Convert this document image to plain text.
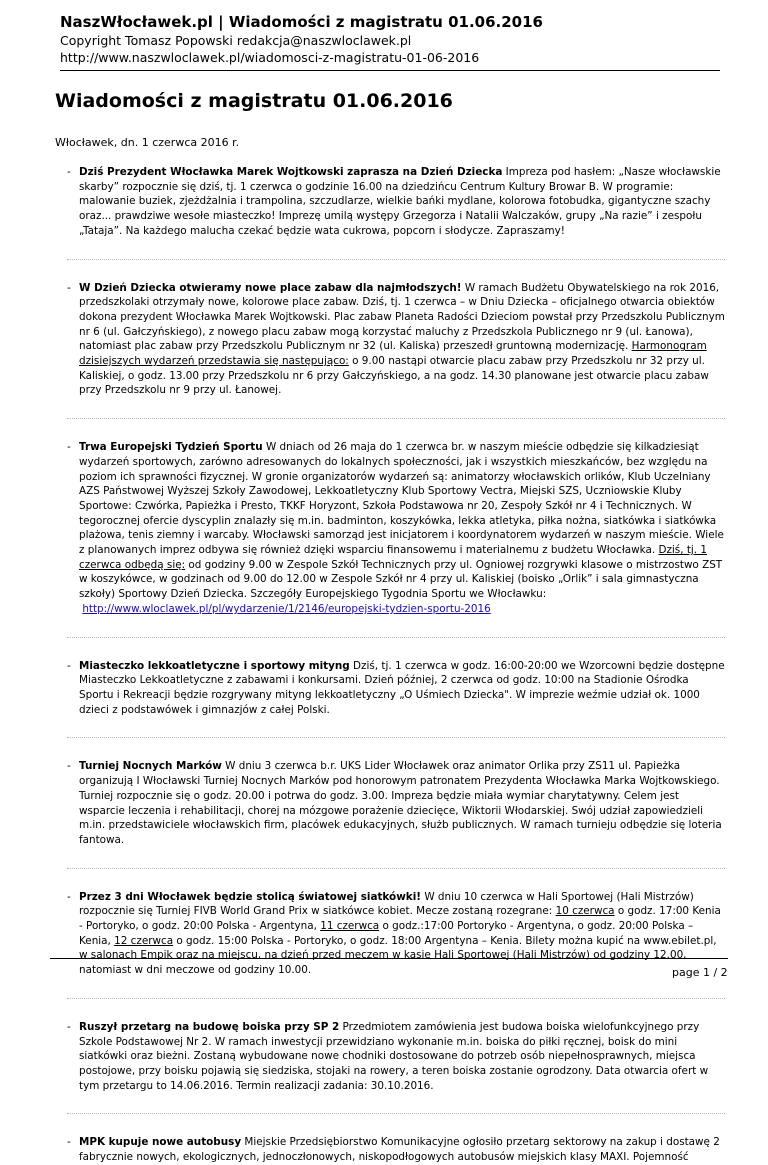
NaszWłocławek.pl | Wiadomości z magistratu 01.06.2016
Copyright Tomasz Popowski redakcja@naszwloclawek.pl
http://www.naszwloclawek.pl/wiadomosci-z-magistratu-01-06-2016
Wiadomości z magistratu 01.06.2016
Włocławek, dn. 1 czerwca 2016 r.
- Dziś Prezydent Włocławka Marek Wojtkowski zaprasza na Dzień Dziecka Impreza pod hasłem: „Nasze włocławskie skarby” rozpocznie się dziś, tj. 1 czerwca o godzinie 16.00 na dziedzińcu Centrum Kultury Browar B. W programie: malowanie buziek, zjeżdżalnia i trampolina, szczudlarze, wielkie bańki mydlane, kolorowa fotobudka, gigantyczne szachy oraz... prawdziwe wesołe miasteczko! Imprezę umilą występy Grzegorza i Natalii Walczaków, grupy „Na razie” i zespołu „Tataja”. Na każdego malucha czekać będzie wata cukrowa, popcorn i słodycze. Zapraszamy!

- W Dzień Dziecka otwieramy nowe place zabaw dla najmłodszych! W ramach Budżetu Obywatelskiego na rok 2016, przedszkolaki otrzymały nowe, kolorowe place zabaw. Dziś, tj. 1 czerwca – w Dniu Dziecka – oficjalnego otwarcia obiektów dokona prezydent Włocławka Marek Wojtkowski. Plac zabaw Planeta Radości Dzieciom powstał przy Przedszkolu Publicznym nr 6 (ul. Gałczyńskiego), z nowego placu zabaw mogą korzystać maluchy z Przedszkola Publicznego nr 9 (ul. Łanowa), natomiast plac zabaw przy Przedszkolu Publicznym nr 32 (ul. Kaliska) przeszedł gruntowną modernizację. Harmonogram dzisiejszych wydarzeń przedstawia się następująco: o 9.00 nastąpi otwarcie placu zabaw przy Przedszkolu nr 32 przy ul. Kaliskiej, o godz. 13.00 przy Przedszkolu nr 6 przy Gałczyńskiego, a na godz. 14.30 planowane jest otwarcie placu zabaw przy Przedszkolu nr 9 przy ul. Łanowej.

- Trwa Europejski Tydzień Sportu W dniach od 26 maja do 1 czerwca br. w naszym mieście odbędzie się kilkadziesiąt wydarzeń sportowych, zarówno adresowanych do lokalnych społeczności, jak i wszystkich mieszkańców, bez względu na poziom ich sprawności fizycznej. W gronie organizatorów wydarzeń są: animatorzy włocławskich orlików, Klub Uczelniany AZS Państwowej Wyższej Szkoły Zawodowej, Lekkoatletyczny Klub Sportowy Vectra, Miejski SZS, Uczniowskie Kluby Sportowe: Czwórka, Papieżka i Presto, TKKF Horyzont, Szkoła Podstawowa nr 20, Zespoły Szkół nr 4 i Technicznych. W tegorocznej ofercie dyscyplin znalazły się m.in. badminton, koszykówka, lekka atletyka, piłka nożna, siatkówka i siatkówka plażowa, tenis ziemny i warcaby. Włocławski samorząd jest inicjatorem i koordynatorem wydarzeń w naszym mieście. Wiele z planowanych imprez odbywa się również dzięki wsparciu finansowemu i materialnemu z budżetu Włocławka. Dziś, tj. 1 czerwca odbędą się: od godziny 9.00 w Zespole Szkół Technicznych przy ul. Ogniowej rozgrywki klasowe o mistrzostwo ZST w koszykówce, w godzinach od 9.00 do 12.00 w Zespole Szkół nr 4 przy ul. Kaliskiej (boisko „Orlik” i sala gimnastyczna szkoły) Sportowy Dzień Dziecka. Szczegóły Europejskiego Tygodnia Sportu we Włocławku:
http://www.wloclawek.pl/pl/wydarzenie/1/2146/europejski-tydzien-sportu-2016

- Miasteczko lekkoatletyczne i sportowy mityng Dziś, tj. 1 czerwca w godz. 16:00-20:00 we Wzorcowni będzie dostępne Miasteczko Lekkoatletyczne z zabawami i konkursami. Dzień później, 2 czerwca od godz. 10:00 na Stadionie Ośrodka Sportu i Rekreacji będzie rozgrywany mityng lekkoatletyczny „O Uśmiech Dziecka". W imprezie weźmie udział ok. 1000 dzieci z podstawówek i gimnazjów z całej Polski.

- Turniej Nocnych Marków W dniu 3 czerwca b.r. UKS Lider Włocławek oraz animator Orlika przy ZS11 ul. Papieżka organizują I Włocławski Turniej Nocnych Marków pod honorowym patronatem Prezydenta Włocławka Marka Wojtkowskiego. Turniej rozpocznie się o godz. 20.00 i potrwa do godz. 3.00. Impreza będzie miała wymiar charytatywny. Celem jest wsparcie leczenia i rehabilitacji, chorej na mózgowe porażenie dziecięce, Wiktorii Włodarskiej. Swój udział zapowiedzieli m.in. przedstawiciele włocławskich firm, placówek edukacyjnych, służb publicznych. W ramach turnieju odbędzie się loteria fantowa.

- Przez 3 dni Włocławek będzie stolicą światowej siatkówki! W dniu 10 czerwca w Hali Sportowej (Hali Mistrzów) rozpocznie się Turniej FIVB World Grand Prix w siatkówce kobiet. Mecze zostaną rozegrane: 10 czerwca o godz. 17:00 Kenia - Portoryko, o godz. 20:00 Polska - Argentyna, 11 czerwca o godz.:17:00 Portoryko - Argentyna, o godz. 20:00 Polska – Kenia, 12 czerwca o godz. 15:00 Polska - Portoryko, o godz. 18:00 Argentyna – Kenia. Bilety można kupić na www.ebilet.pl, w salonach Empik oraz na miejscu, na dzień przed meczem w kasie Hali Sportowej (Hali Mistrzów) od godziny 12.00, natomiast w dni meczowe od godziny 10.00.

- Ruszył przetarg na budowę boiska przy SP 2 Przedmiotem zamówienia jest budowa boiska wielofunkcyjnego przy Szkole Podstawowej Nr 2. W ramach inwestycji przewidziano wykonanie m.in. boiska do piłki ręcznej, boisk do mini siatkówki oraz bieżni. Zostaną wybudowane nowe chodniki dostosowane do potrzeb osób niepełnosprawnych, miejsca postojowe, przy boisku pojawią się siedziska, stojaki na rowery, a teren boiska zostanie ogrodzony. Data otwarcia ofert w tym przetargu to 14.06.2016. Termin realizacji zadania: 30.10.2016.

- MPK kupuje nowe autobusy Miejskie Przedsiębiorstwo Komunikacyjne ogłosiło przetarg sektorowy na zakup i dostawę 2 fabrycznie nowych, ekologicznych, jednoczłonowych, niskopodłogowych autobusów miejskich klasy MAXI. Pojemność

page 1 / 2
